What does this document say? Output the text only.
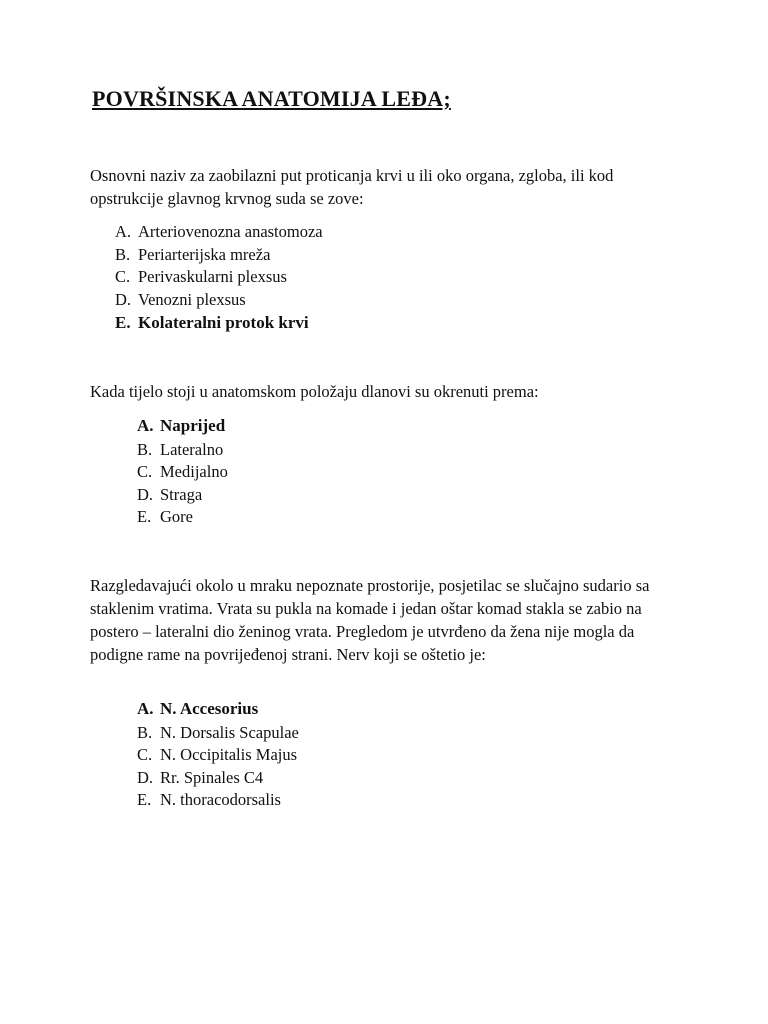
POVRŠINSKA ANATOMIJA LEĐA;

Osnovni naziv za zaobilazni put proticanja krvi u ili oko organa, zgloba, ili kod opstrukcije glavnog krvnog suda se zove:

A. Arteriovenozna anastomoza
B. Periarterijska mreža
C. Perivaskularni plexsus
D. Venozni plexsus
E. Kolateralni protok krvi

Kada tijelo stoji u anatomskom položaju dlanovi su okrenuti prema:

A. Naprijed
B. Lateralno
C. Medijalno
D. Straga
E. Gore

Razgledavajući okolo u mraku nepoznate prostorije, posjetilac se slučajno sudario sa staklenim vratima. Vrata su pukla na komade i jedan oštar komad stakla se zabio na postero – lateralni dio ženinog vrata. Pregledom je utvrđeno da žena nije mogla da podigne rame na povrijeđenoj strani. Nerv koji se oštetio je:

A. N. Accesorius
B. N. Dorsalis Scapulae
C. N. Occipitalis Majus
D. Rr. Spinales C4
E. N. thoracodorsalis
